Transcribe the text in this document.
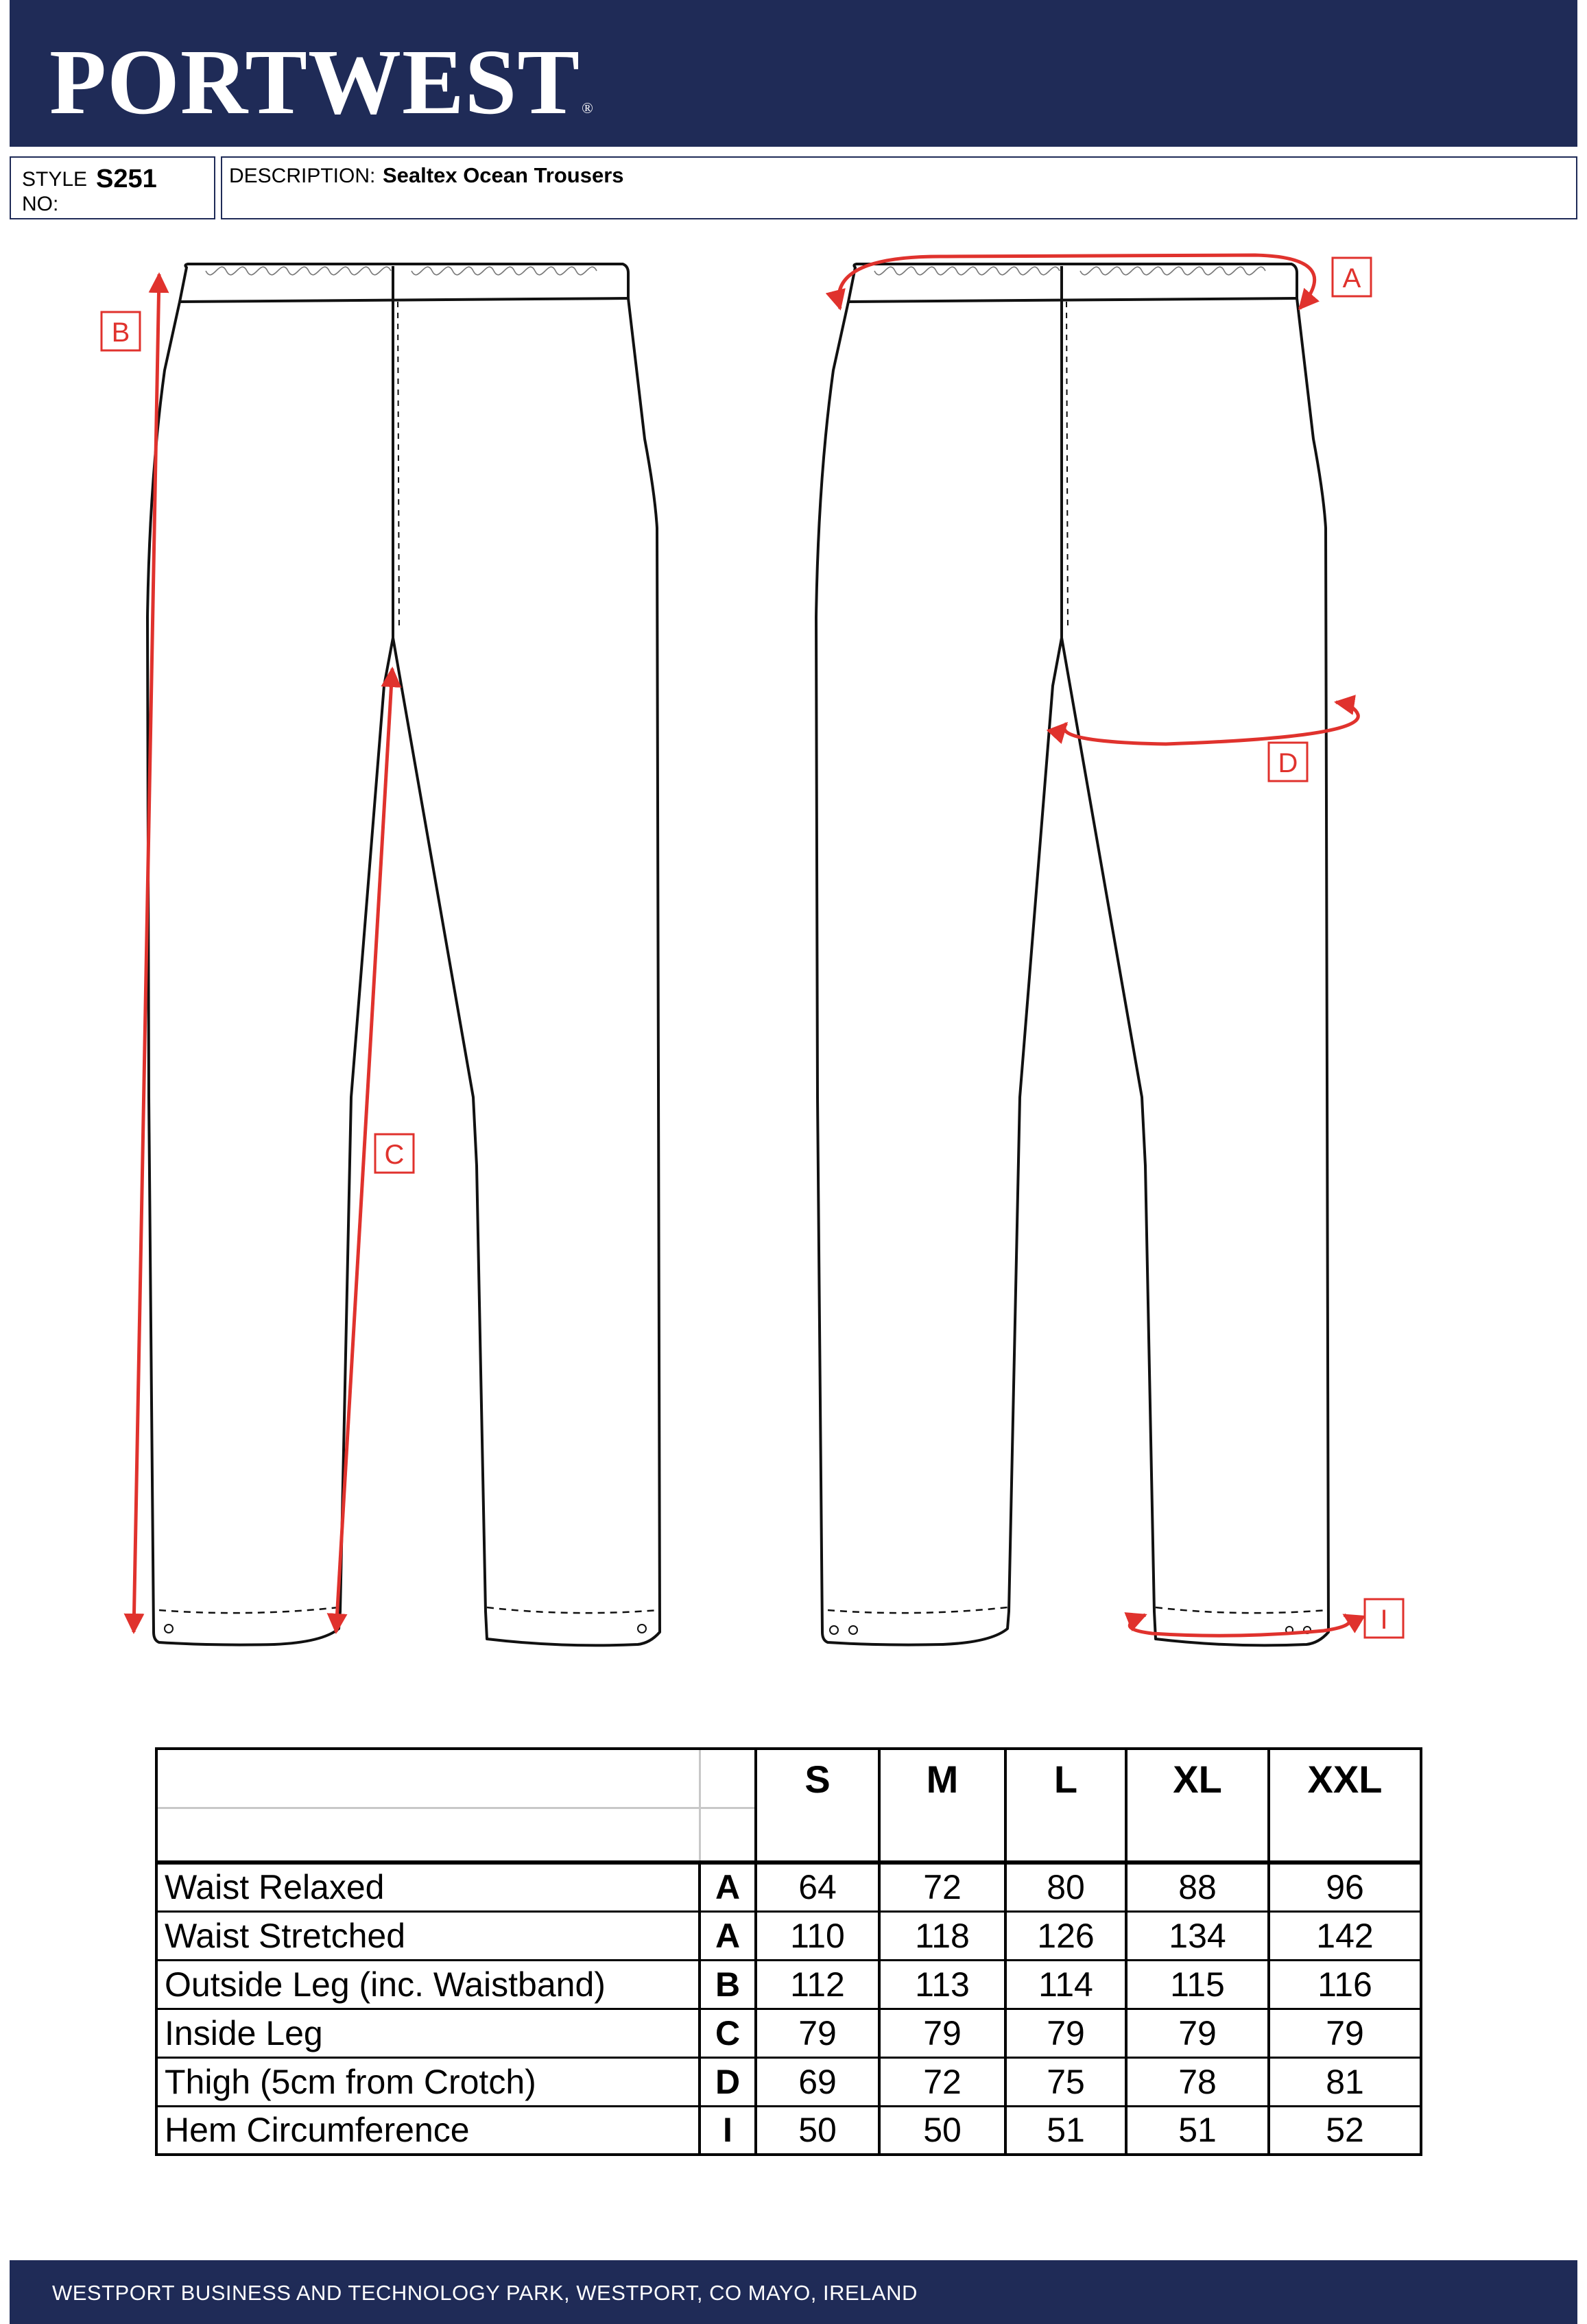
PORTWEST®
STYLE NO:
S251	DESCRIPTION: Sealtex Ocean Trousers
B
C
A
D
I
		S	M	L	XL	XXL

Waist Relaxed	A	64	72	80	88	96
Waist Stretched	A	110	118	126	134	142
Outside Leg (inc. Waistband)	B	112	113	114	115	116
Inside Leg	C	79	79	79	79	79
Thigh (5cm from Crotch)	D	69	72	75	78	81
Hem Circumference	I	50	50	51	51	52
WESTPORT BUSINESS AND TECHNOLOGY PARK, WESTPORT, CO MAYO, IRELAND
